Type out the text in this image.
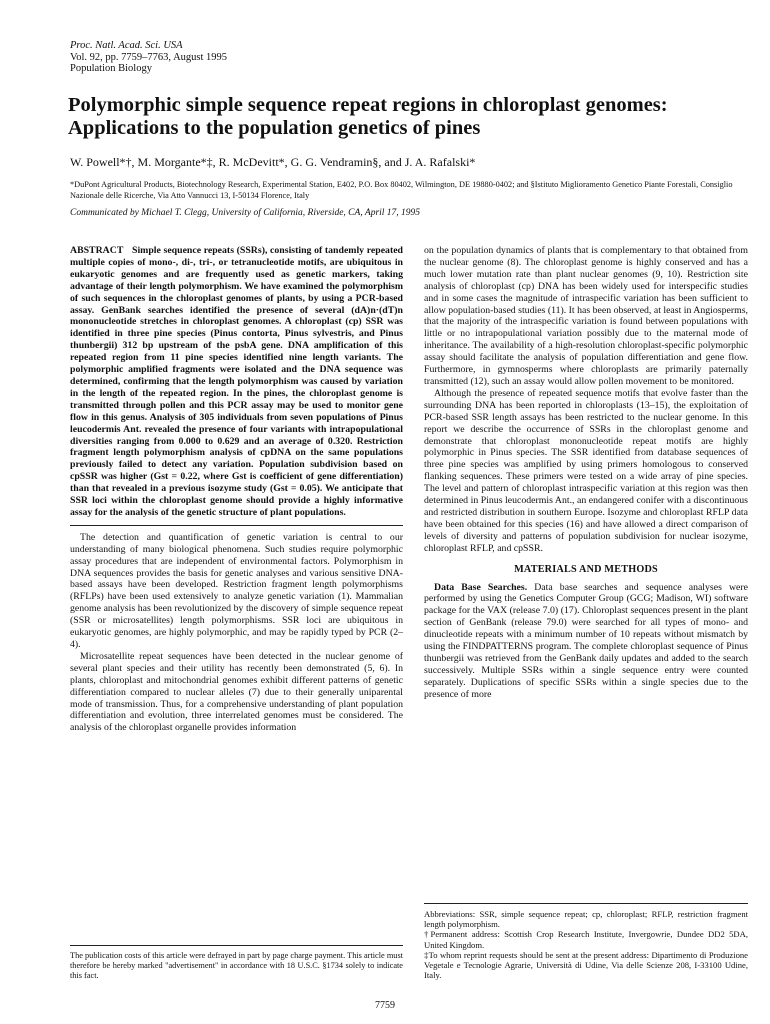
Proc. Natl. Acad. Sci. USA
Vol. 92, pp. 7759–7763, August 1995
Population Biology
Polymorphic simple sequence repeat regions in chloroplast genomes: Applications to the population genetics of pines
W. Powell*†, M. Morgante*‡, R. McDevitt*, G. G. Vendramin§, and J. A. Rafalski*
*DuPont Agricultural Products, Biotechnology Research, Experimental Station, E402, P.O. Box 80402, Wilmington, DE 19880-0402; and §Istituto Miglioramento Genetico Piante Forestali, Consiglio Nazionale delle Ricerche, Via Atto Vannucci 13, I-50134 Florence, Italy
Communicated by Michael T. Clegg, University of California, Riverside, CA, April 17, 1995

ABSTRACT Simple sequence repeats (SSRs), consisting of tandemly repeated multiple copies of mono-, di-, tri-, or tetranucleotide motifs, are ubiquitous in eukaryotic genomes and are frequently used as genetic markers, taking advantage of their length polymorphism. We have examined the polymorphism of such sequences in the chloroplast genomes of plants, by using a PCR-based assay. GenBank searches identified the presence of several (dA)n·(dT)n mononucleotide stretches in chloroplast genomes. A chloroplast (cp) SSR was identified in three pine species (Pinus contorta, Pinus sylvestris, and Pinus thunbergii) 312 bp upstream of the psbA gene. DNA amplification of this repeated region from 11 pine species identified nine length variants. The polymorphic amplified fragments were isolated and the DNA sequence was determined, confirming that the length polymorphism was caused by variation in the length of the repeated region. In the pines, the chloroplast genome is transmitted through pollen and this PCR assay may be used to monitor gene flow in this genus. Analysis of 305 individuals from seven populations of Pinus leucodermis Ant. revealed the presence of four variants with intrapopulational diversities ranging from 0.000 to 0.629 and an average of 0.320. Restriction fragment length polymorphism analysis of cpDNA on the same populations previously failed to detect any variation. Population subdivision based on cpSSR was higher (Gst = 0.22, where Gst is coefficient of gene differentiation) than that revealed in a previous isozyme study (Gst = 0.05). We anticipate that SSR loci within the chloroplast genome should provide a highly informative assay for the analysis of the genetic structure of plant populations.

The detection and quantification of genetic variation is central to our understanding of many biological phenomena. Such studies require polymorphic assay procedures that are independent of environmental factors. Polymorphism in DNA sequences provides the basis for genetic analyses and various sensitive DNA-based assays have been developed. Restriction fragment length polymorphisms (RFLPs) have been used extensively to analyze genetic variation (1). Mammalian genome analysis has been revolutionized by the discovery of simple sequence repeat (SSR or microsatellites) length polymorphisms. SSR loci are ubiquitous in eukaryotic genomes, are highly polymorphic, and may be rapidly typed by PCR (2–4).

Microsatellite repeat sequences have been detected in the nuclear genome of several plant species and their utility has recently been demonstrated (5, 6). In plants, chloroplast and mitochondrial genomes exhibit different patterns of genetic differentiation compared to nuclear alleles (7) due to their generally uniparental mode of transmission. Thus, for a comprehensive understanding of plant population differentiation and evolution, three interrelated genomes must be considered. The analysis of the chloroplast organelle provides information

on the population dynamics of plants that is complementary to that obtained from the nuclear genome (8). The chloroplast genome is highly conserved and has a much lower mutation rate than plant nuclear genomes (9, 10). Restriction site analysis of chloroplast (cp) DNA has been widely used for interspecific studies and in some cases the magnitude of intraspecific variation has been sufficient to allow population-based studies (11). It has been observed, at least in Angiosperms, that the majority of the intraspecific variation is found between populations with little or no intrapopulational variation possibly due to the maternal mode of inheritance. The availability of a high-resolution chloroplast-specific polymorphic assay should facilitate the analysis of population differentiation and gene flow. Furthermore, in gymnosperms where chloroplasts are primarily paternally transmitted (12), such an assay would allow pollen movement to be monitored.

Although the presence of repeated sequence motifs that evolve faster than the surrounding DNA has been reported in chloroplasts (13–15), the exploitation of PCR-based SSR length assays has been restricted to the nuclear genome. In this report we describe the occurrence of SSRs in the chloroplast genome and demonstrate that chloroplast mononucleotide repeat motifs are highly polymorphic in Pinus species. The SSR identified from database sequences of three pine species was amplified by using primers homologous to conserved flanking sequences. These primers were tested on a wide array of pine species. The level and pattern of chloroplast intraspecific variation at this region was then determined in Pinus leucodermis Ant., an endangered conifer with a discontinuous and restricted distribution in southern Europe. Isozyme and chloroplast RFLP data have been obtained for this species (16) and have allowed a direct comparison of levels of diversity and patterns of population subdivision for nuclear isozyme, chloroplast RFLP, and cpSSR.

MATERIALS AND METHODS

Data Base Searches. Data base searches and sequence analyses were performed by using the Genetics Computer Group (GCG; Madison, WI) software package for the VAX (release 7.0) (17). Chloroplast sequences present in the plant section of GenBank (release 79.0) were searched for all types of mono- and dinucleotide repeats with a minimum number of 10 repeats without mismatch by using the FINDPATTERNS program. The complete chloroplast sequence of Pinus thunbergii was retrieved from the GenBank daily updates and added to the search successively. Multiple SSRs within a single sequence entry were counted separately. Duplications of specific SSRs within a single species due to the presence of more

The publication costs of this article were defrayed in part by page charge payment. This article must therefore be hereby marked "advertisement" in accordance with 18 U.S.C. §1734 solely to indicate this fact.
Abbreviations: SSR, simple sequence repeat; cp, chloroplast; RFLP, restriction fragment length polymorphism.
†Permanent address: Scottish Crop Research Institute, Invergowrie, Dundee DD2 5DA, United Kingdom.
‡To whom reprint requests should be sent at the present address: Dipartimento di Produzione Vegetale e Tecnologie Agrarie, Università di Udine, Via delle Scienze 208, I-33100 Udine, Italy.
7759
